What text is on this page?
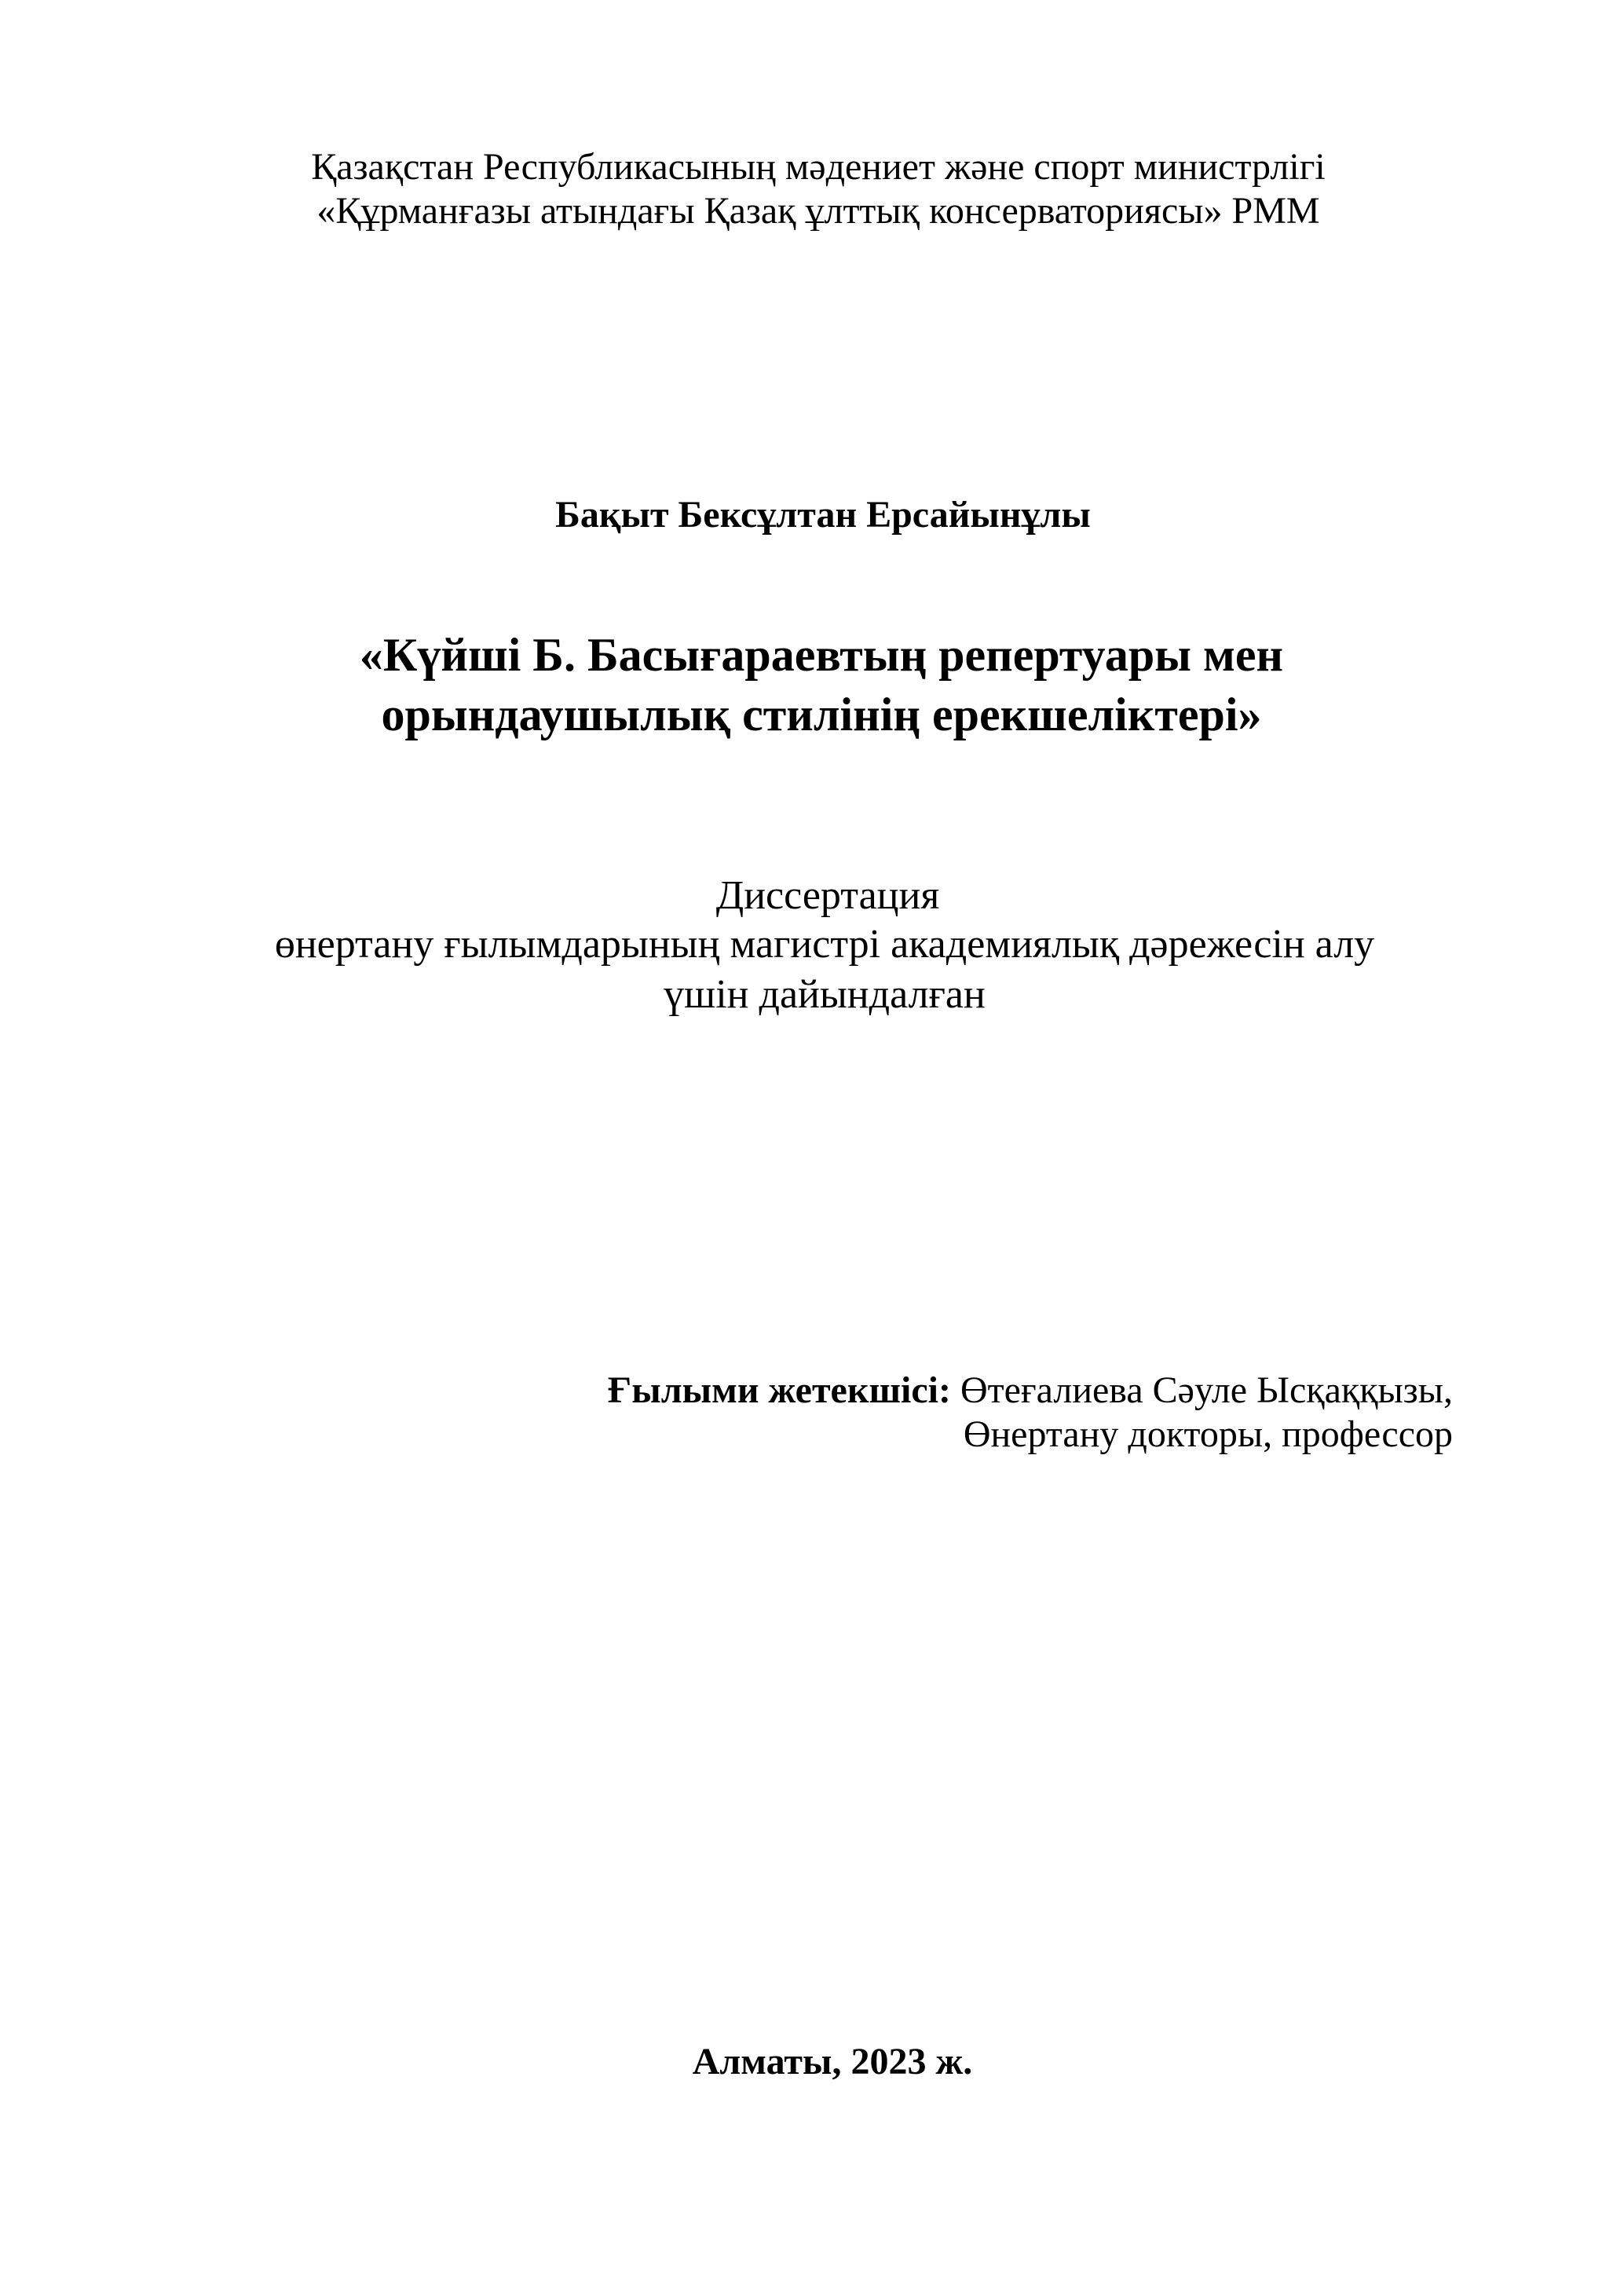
Қазақстан Республикасының мәдениет және спорт министрлігі
«Құрманғазы атындағы Қазақ ұлттық консерваториясы» РММ
Бақыт Бексұлтан Ерсайынұлы
«Күйші Б. Басығараевтың репертуары мен
орындаушылық стилінің ерекшеліктері»
Диссертация
өнертану ғылымдарының магистрі академиялық дәрежесін алу
үшін дайындалған
Ғылыми жетекшісі: Өтеғалиева Сәуле Ысқаққызы,
Өнертану докторы, профессор
Алматы, 2023 ж.
